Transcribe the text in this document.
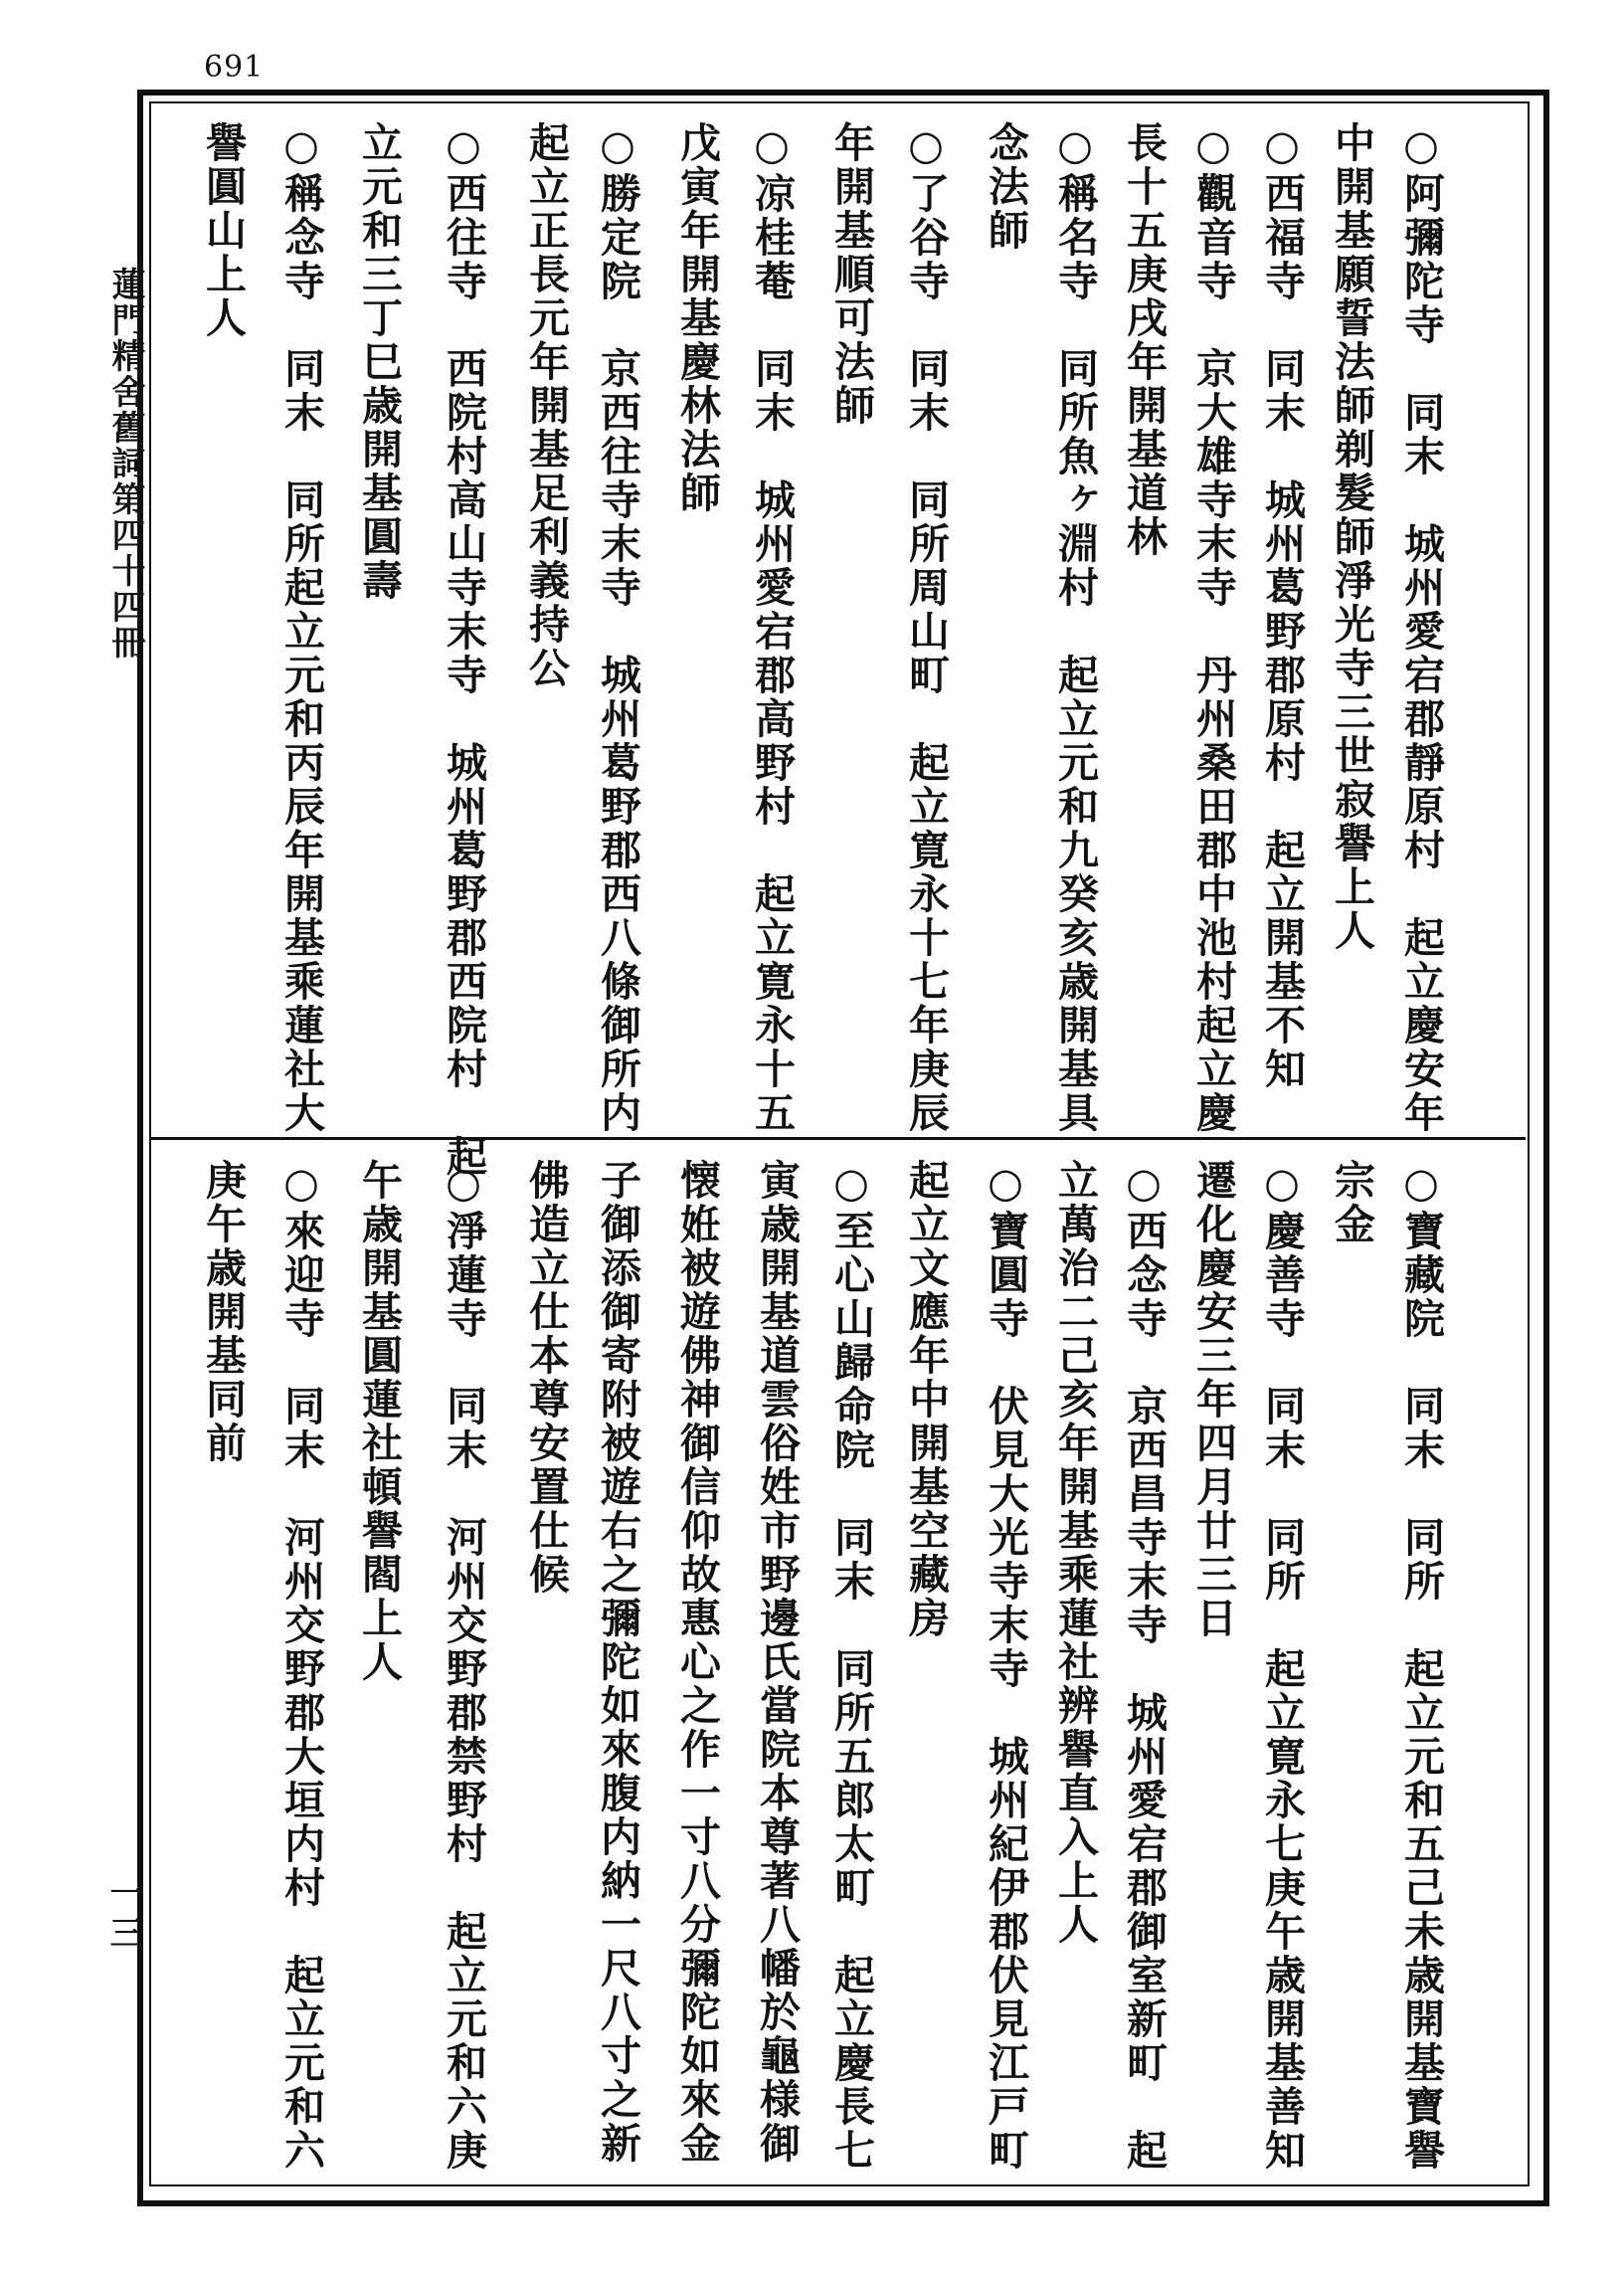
691
蓮門精舍舊詞第四十四冊
一三
○阿彌陀寺　同末　城州愛宕郡靜原村　起立慶安年
中開基願誓法師剃髮師淨光寺三世寂譽上人
○西福寺　同末　城州葛野郡原村　起立開基不知
○觀音寺　京大雄寺末寺　丹州桑田郡中池村起立慶
長十五庚戌年開基道林
○稱名寺　同所魚ヶ淵村　起立元和九癸亥歳開基具
念法師
○了谷寺　同末　同所周山町　起立寛永十七年庚辰
年開基順可法師
○凉桂菴　同末　城州愛宕郡高野村　起立寛永十五
戊寅年開基慶林法師
○勝定院　京西往寺末寺　城州葛野郡西八條御所内
起立正長元年開基足利義持公
○西往寺　西院村高山寺末寺　城州葛野郡西院村　起
立元和三丁巳歳開基圓壽
○稱念寺　同末　同所起立元和丙辰年開基乘蓮社大
譽圓山上人
○寶藏院　同末　同所　起立元和五己未歳開基寶譽
宗金
○慶善寺　同末　同所　起立寛永七庚午歳開基善知
遷化慶安三年四月廿三日
○西念寺　京西昌寺末寺　城州愛宕郡御室新町　起
立萬治二己亥年開基乘蓮社辨譽直入上人
○寶圓寺　伏見大光寺末寺　城州紀伊郡伏見江戸町
起立文應年中開基空藏房
○至心山歸命院　同末　同所五郎太町　起立慶長七
寅歳開基道雲俗姓市野邊氏當院本尊著八幡於龜様御
懐姙被遊佛神御信仰故惠心之作一寸八分彌陀如來金
子御添御寄附被遊右之彌陀如來腹内納一尺八寸之新
佛造立仕本尊安置仕候
○淨蓮寺　同末　河州交野郡禁野村　起立元和六庚
午歳開基圓蓮社頓譽閻上人
○來迎寺　同末　河州交野郡大垣内村　起立元和六
庚午歳開基同前
